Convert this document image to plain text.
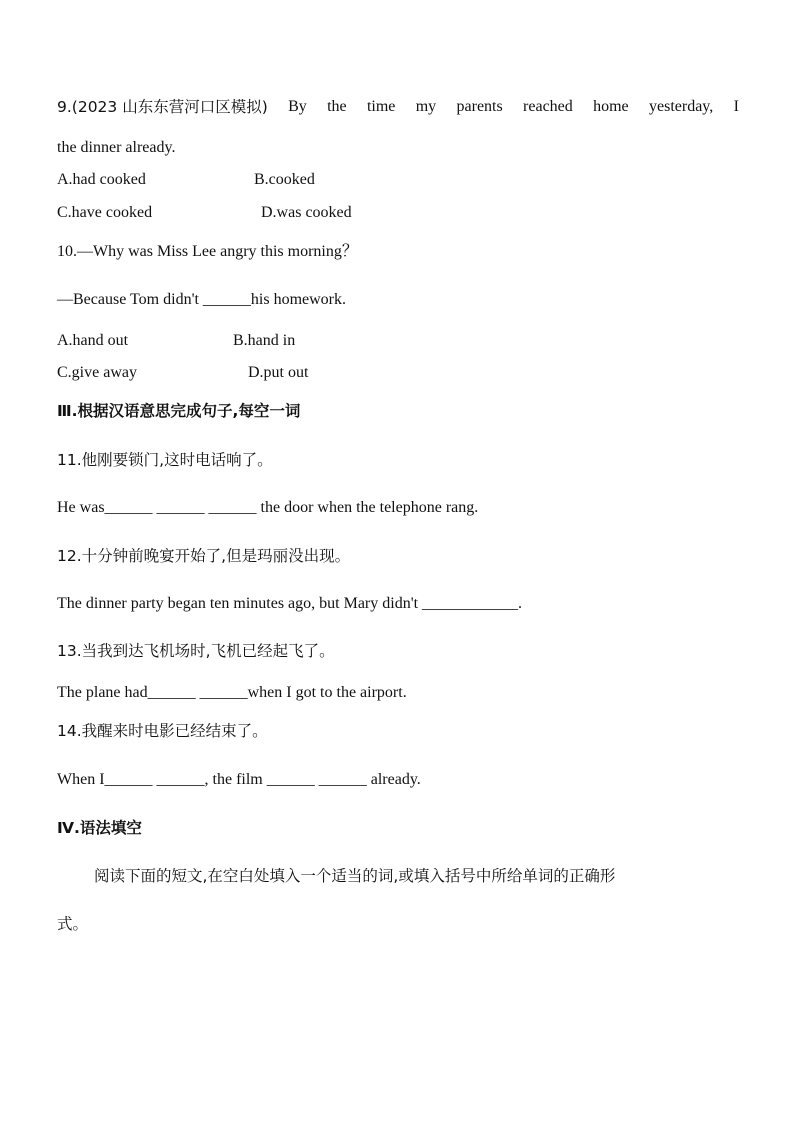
9.(2023 山东东营河口区模拟) By the time my parents reached home yesterday, I
the dinner already.
A.had cooked	B.cooked
C.have cooked	D.was cooked
10.—Why was Miss Lee angry this morning？
—Because Tom didn't ______his homework.
A.hand out	B.hand in
C.give away	D.put out
Ⅲ.根据汉语意思完成句子,每空一词
11.他刚要锁门,这时电话响了。
He was______ ______ ______ the door when the telephone rang.
12.十分钟前晚宴开始了,但是玛丽没出现。
The dinner party began ten minutes ago, but Mary didn't ____________.
13.当我到达飞机场时,飞机已经起飞了。
The plane had______ ______when I got to the airport.
14.我醒来时电影已经结束了。
When I______ ______, the film ______ ______ already.
Ⅳ.语法填空
阅读下面的短文,在空白处填入一个适当的词,或填入括号中所给单词的正确形
式。
